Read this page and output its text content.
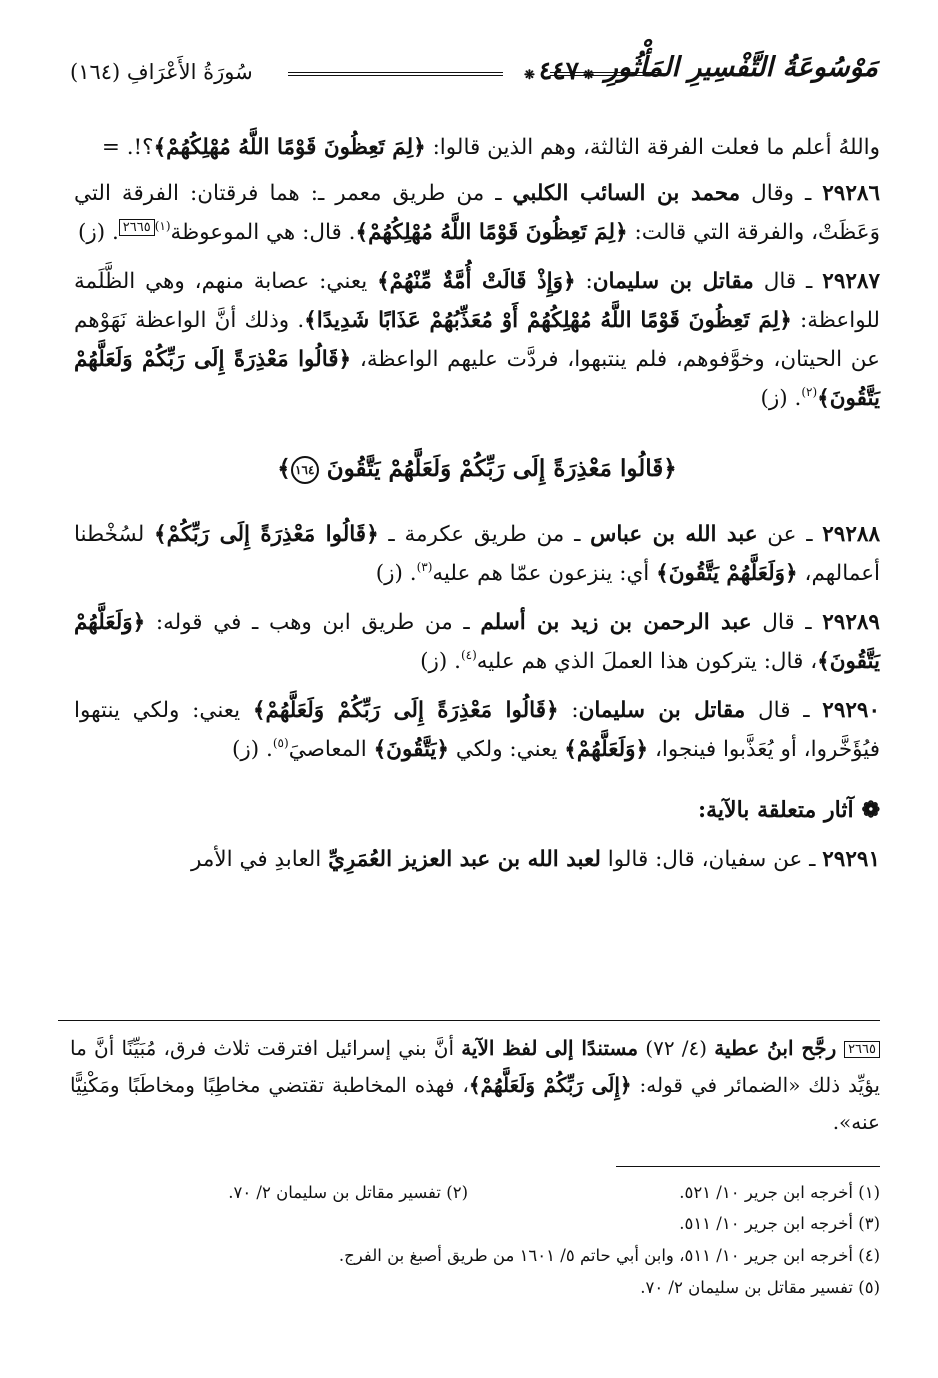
مَوْسُوعَةُ التَّفْسِيرِ المَأْثُورِ
❋٤٤٧❋
سُورَةُ الأَعْرَافِ (١٦٤)

واللهُ أعلم ما فعلت الفرقة الثالثة، وهم الذين قالوا: ﴿لِمَ تَعِظُونَ قَوْمًا اللَّهُ مُهْلِكُهُمْ﴾؟!. =

٢٩٢٨٦ ـ وقال محمد بن السائب الكلبي ـ من طريق معمر ـ: هما فرقتان: الفرقة التي وَعَظَتْ، والفرقة التي قالت: ﴿لِمَ تَعِظُونَ قَوْمًا اللَّهُ مُهْلِكُهُمْ﴾. قال: هي الموعوظة$^{(١)}$٢٦٦٥. (ز)

٢٩٢٨٧ ـ قال مقاتل بن سليمان: ﴿وَإِذْ قَالَتْ أُمَّةٌ مِّنْهُمْ﴾ يعني: عصابة منهم، وهي الظَّلَمة للواعظة: ﴿لِمَ تَعِظُونَ قَوْمًا اللَّهُ مُهْلِكُهُمْ أَوْ مُعَذِّبُهُمْ عَذَابًا شَدِيدًا﴾. وذلك أنَّ الواعظة نَهَوْهم عن الحيتان، وخوَّفوهم، فلم ينتبهوا، فردَّت عليهم الواعظة، ﴿قَالُوا مَعْذِرَةً إِلَى رَبِّكُمْ وَلَعَلَّهُمْ يَتَّقُونَ﴾$^{(٢)}$. (ز)

﴿قَالُوا مَعْذِرَةً إِلَى رَبِّكُمْ وَلَعَلَّهُمْ يَتَّقُونَ ١٦٤﴾

٢٩٢٨٨ ـ عن عبد الله بن عباس ـ من طريق عكرمة ـ ﴿قَالُوا مَعْذِرَةً إِلَى رَبِّكُمْ﴾ لسُخْطنا أعمالهم، ﴿وَلَعَلَّهُمْ يَتَّقُونَ﴾ أي: ينزعون عمّا هم عليه$^{(٣)}$. (ز)

٢٩٢٨٩ ـ قال عبد الرحمن بن زيد بن أسلم ـ من طريق ابن وهب ـ في قوله: ﴿وَلَعَلَّهُمْ يَتَّقُونَ﴾، قال: يتركون هذا العملَ الذي هم عليه$^{(٤)}$. (ز)

٢٩٢٩٠ ـ قال مقاتل بن سليمان: ﴿قَالُوا مَعْذِرَةً إِلَى رَبِّكُمْ وَلَعَلَّهُمْ﴾ يعني: ولكي ينتهوا فيُؤَخَّروا، أو يُعَذَّبوا فينجوا، ﴿وَلَعَلَّهُمْ﴾ يعني: ولكي ﴿يَتَّقُونَ﴾ المعاصيَ$^{(٥)}$. (ز)

❁آثار متعلقة بالآية:

٢٩٢٩١ ـ عن سفيان، قال: قالوا لعبد الله بن عبد العزيز العُمَرِيِّ العابدِ في الأمر

٢٦٦٥ رجَّح ابنُ عطية (٤/ ٧٢) مستندًا إلى لفظ الآية أنَّ بني إسرائيل افترقت ثلاث فرق، مُبَيِّنًا أنَّ ما يؤيِّد ذلك «الضمائر في قوله: ﴿إِلَى رَبِّكُمْ وَلَعَلَّهُمْ﴾، فهذه المخاطبة تقتضي مخاطِبًا ومخاطَبًا ومَكْنِيًّا عنه».
(١) أخرجه ابن جرير ١٠/ ٥٢١.
(٢) تفسير مقاتل بن سليمان ٢/ ٧٠.
(٣) أخرجه ابن جرير ١٠/ ٥١١.
(٤) أخرجه ابن جرير ١٠/ ٥١١، وابن أبي حاتم ٥/ ١٦٠١ من طريق أصبغ بن الفرج.
(٥) تفسير مقاتل بن سليمان ٢/ ٧٠.
